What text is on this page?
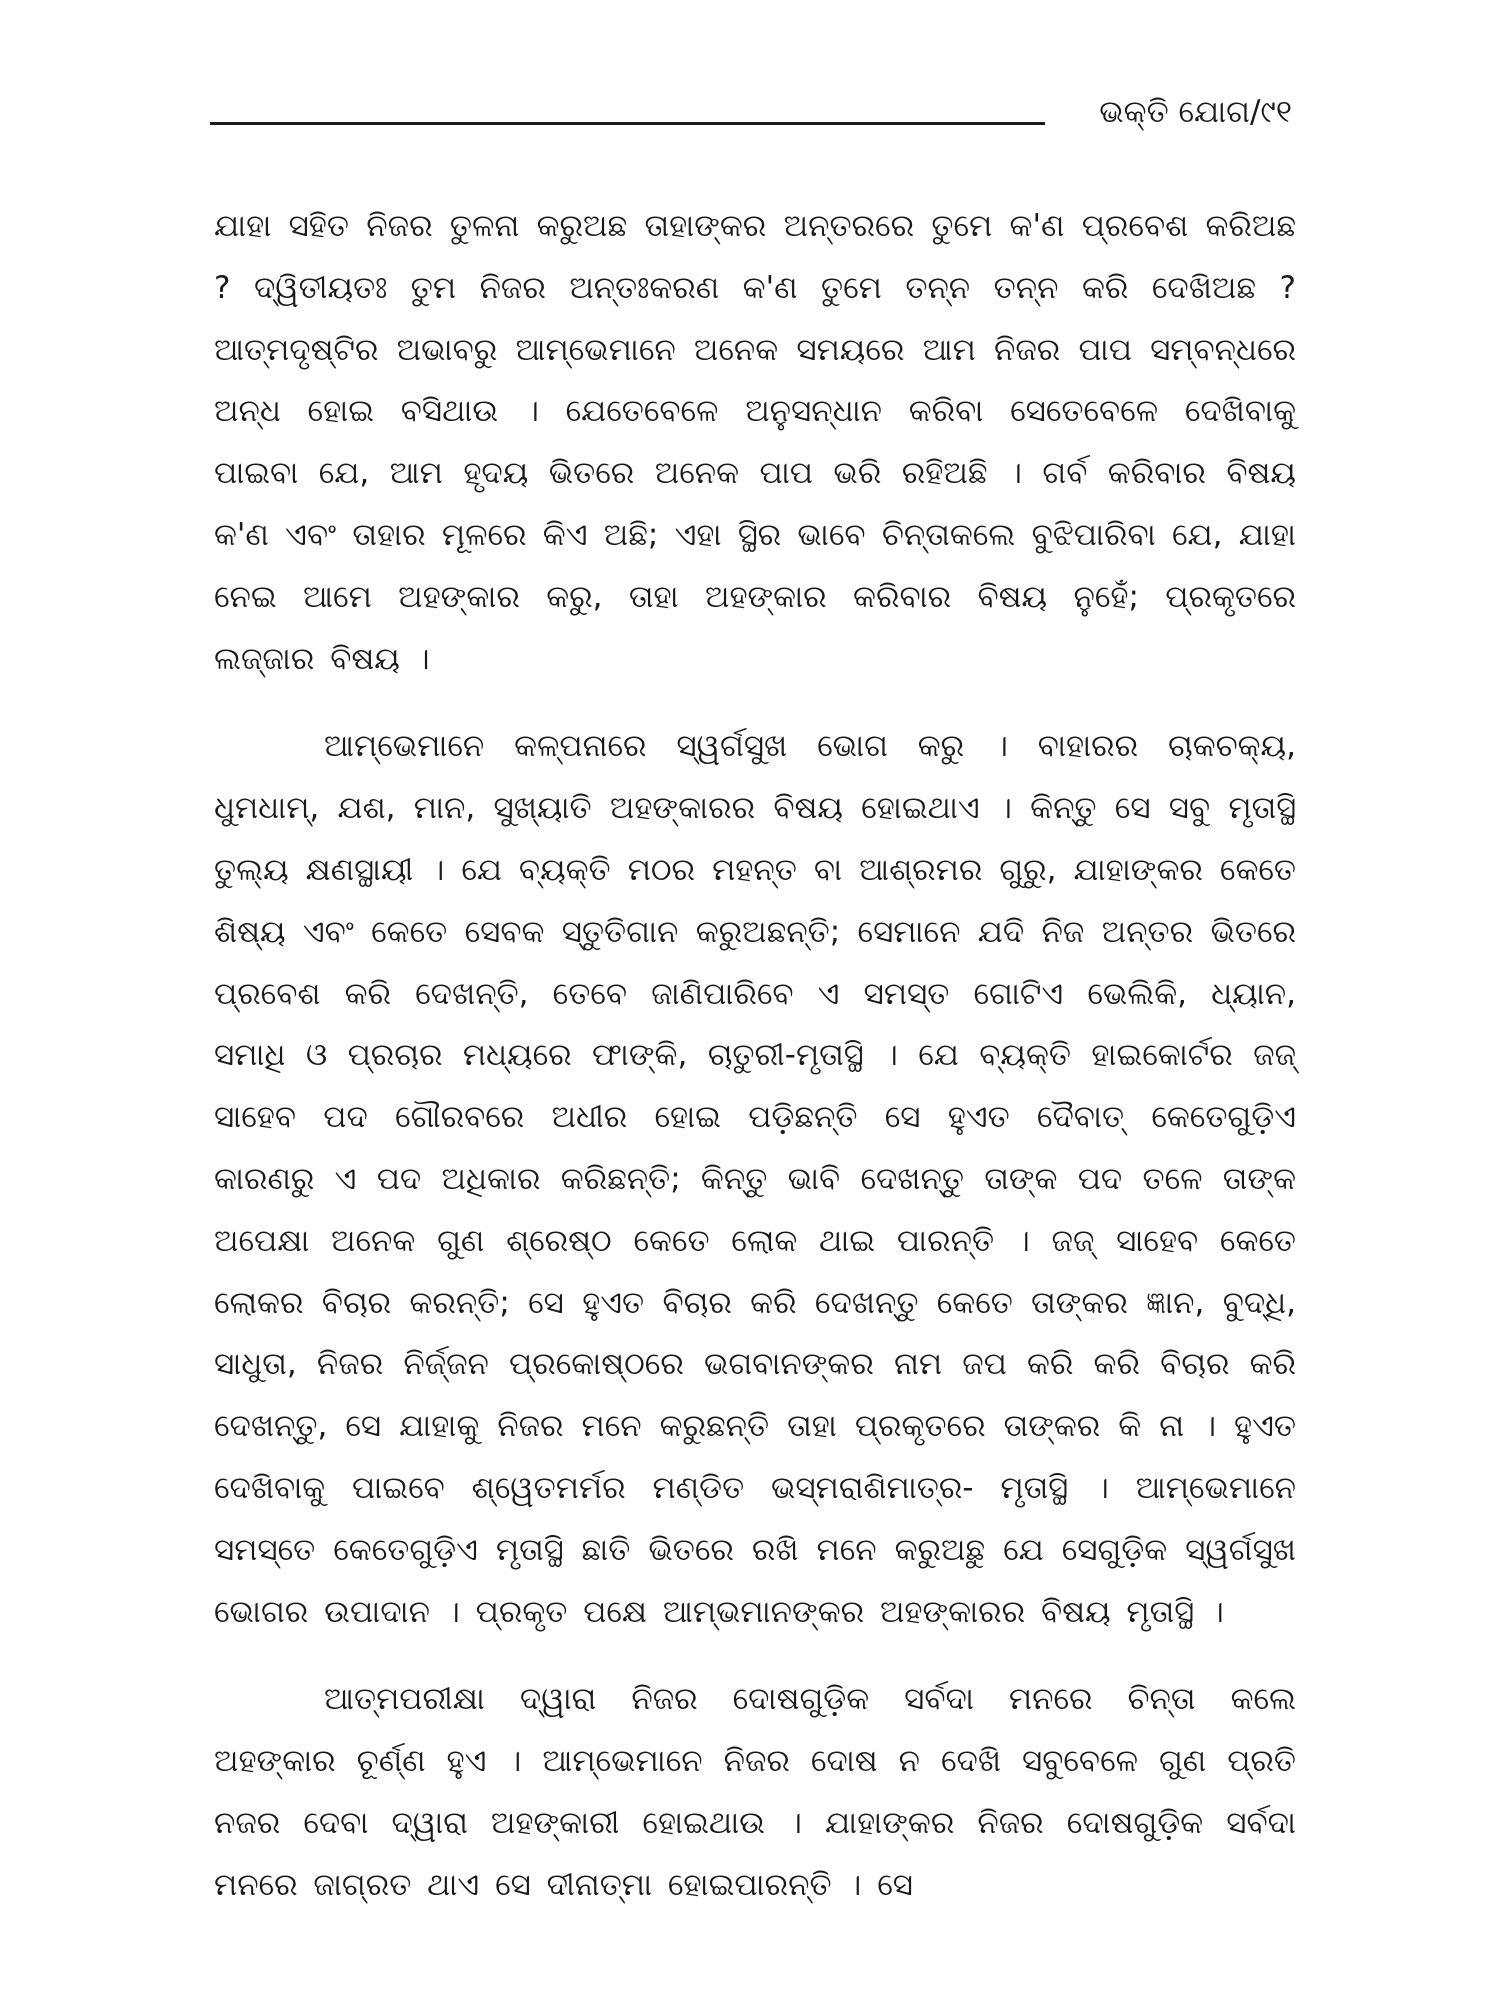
ଭକ୍ତି ଯୋଗ/୯୧

ଯାହା ସହିତ ନିଜର ତୁଳନା କରୁଅଛ ତାହାଙ୍କର ଅନ୍ତରରେ ତୁମେ କ'ଣ ପ୍ରବେଶ କରିଅଛ ? ଦ୍ୱିତୀୟତଃ ତୁମ ନିଜର ଅନ୍ତଃକରଣ କ'ଣ ତୁମେ ତନ୍ନ ତନ୍ନ କରି ଦେଖିଅଛ ? ଆତ୍ମଦୃଷ୍ଟିର ଅଭାବରୁ ଆମ୍ଭେମାନେ ଅନେକ ସମୟରେ ଆମ ନିଜର ପାପ ସମ୍ବନ୍ଧରେ ଅନ୍ଧ ହୋଇ ବସିଥାଉ । ଯେତେବେଳେ ଅନୁସନ୍ଧାନ କରିବା ସେତେବେଳେ ଦେଖିବାକୁ ପାଇବା ଯେ, ଆମ ହୃଦୟ ଭିତରେ ଅନେକ ପାପ ଭରି ରହିଅଛି । ଗର୍ବ କରିବାର ବିଷୟ କ'ଣ ଏବଂ ତାହାର ମୂଳରେ କିଏ ଅଛି; ଏହା ସ୍ଥିର ଭାବେ ଚିନ୍ତାକଲେ ବୁଝିପାରିବା ଯେ, ଯାହା ନେଇ ଆମେ ଅହଙ୍କାର କରୁ, ତାହା ଅହଙ୍କାର କରିବାର ବିଷୟ ନୁହେଁ; ପ୍ରକୃତରେ ଲଜ୍ଜାର ବିଷୟ ।

ଆମ୍ଭେମାନେ କଳ୍ପନାରେ ସ୍ୱର୍ଗସୁଖ ଭୋଗ କରୁ । ବାହାରର ଚାକଚକ୍ୟ, ଧୁମଧାମ୍, ଯଶ, ମାନ, ସୁଖ୍ୟାତି ଅହଙ୍କାରର ବିଷୟ ହୋଇଥାଏ । କିନ୍ତୁ ସେ ସବୁ ମୃତାସ୍ଥି ତୁଲ୍ୟ କ୍ଷଣସ୍ଥାୟୀ । ଯେ ବ୍ୟକ୍ତି ମଠର ମହନ୍ତ ବା ଆଶ୍ରମର ଗୁରୁ, ଯାହାଙ୍କର କେତେ ଶିଷ୍ୟ ଏବଂ କେତେ ସେବକ ସ୍ତୁତିଗାନ କରୁଅଛନ୍ତି; ସେମାନେ ଯଦି ନିଜ ଅନ୍ତର ଭିତରେ ପ୍ରବେଶ କରି ଦେଖନ୍ତି, ତେବେ ଜାଣିପାରିବେ ଏ ସମସ୍ତ ଗୋଟିଏ ଭେଲିକି, ଧ୍ୟାନ, ସମାଧି ଓ ପ୍ରଚାର ମଧ୍ୟରେ ଫାଙ୍କି, ଚାତୁରୀ-ମୃତାସ୍ଥି । ଯେ ବ୍ୟକ୍ତି ହାଇକୋର୍ଟର ଜଜ୍ ସାହେବ ପଦ ଗୌରବରେ ଅଧୀର ହୋଇ ପଡ଼ିଛନ୍ତି ସେ ହୁଏତ ଦୈବାତ୍ କେତେଗୁଡ଼ିଏ କାରଣରୁ ଏ ପଦ ଅଧିକାର କରିଛନ୍ତି; କିନ୍ତୁ ଭାବି ଦେଖନ୍ତୁ ତାଙ୍କ ପଦ ତଳେ ତାଙ୍କ ଅପେକ୍ଷା ଅନେକ ଗୁଣ ଶ୍ରେଷ୍ଠ କେତେ ଲୋକ ଥାଇ ପାରନ୍ତି । ଜଜ୍ ସାହେବ କେତେ ଲୋକର ବିଚାର କରନ୍ତି; ସେ ହୁଏତ ବିଚାର କରି ଦେଖନ୍ତୁ କେତେ ତାଙ୍କର ଜ୍ଞାନ, ବୁଦ୍ଧି, ସାଧୁତା, ନିଜର ନିର୍ଜ୍ଜନ ପ୍ରକୋଷ୍ଠରେ ଭଗବାନଙ୍କର ନାମ ଜପ କରି କରି ବିଚାର କରି ଦେଖନ୍ତୁ, ସେ ଯାହାକୁ ନିଜର ମନେ କରୁଛନ୍ତି ତାହା ପ୍ରକୃତରେ ତାଙ୍କର କି ନା । ହୁଏତ ଦେଖିବାକୁ ପାଇବେ ଶ୍ୱେତମର୍ମର ମଣ୍ଡିତ ଭସ୍ମରାଶିମାତ୍ର- ମୃତାସ୍ଥି । ଆମ୍ଭେମାନେ ସମସ୍ତେ କେତେଗୁଡ଼ିଏ ମୃତାସ୍ଥି ଛାତି ଭିତରେ ରଖି ମନେ କରୁଅଛୁ ଯେ ସେଗୁଡ଼ିକ ସ୍ୱର୍ଗସୁଖ ଭୋଗର ଉପାଦାନ । ପ୍ରକୃତ ପକ୍ଷେ ଆମ୍ଭମାନଙ୍କର ଅହଙ୍କାରର ବିଷୟ ମୃତାସ୍ଥି ।

ଆତ୍ମପରୀକ୍ଷା ଦ୍ୱାରା ନିଜର ଦୋଷଗୁଡ଼ିକ ସର୍ବଦା ମନରେ ଚିନ୍ତା କଲେ ଅହଙ୍କାର ଚୂର୍ଣ୍ଣ ହୁଏ । ଆମ୍ଭେମାନେ ନିଜର ଦୋଷ ନ ଦେଖି ସବୁବେଳେ ଗୁଣ ପ୍ରତି ନଜର ଦେବା ଦ୍ୱାରା ଅହଙ୍କାରୀ ହୋଇଥାଉ । ଯାହାଙ୍କର ନିଜର ଦୋଷଗୁଡ଼ିକ ସର୍ବଦା ମନରେ ଜାଗ୍ରତ ଥାଏ ସେ ଦୀନାତ୍ମା ହୋଇପାରନ୍ତି । ସେ
